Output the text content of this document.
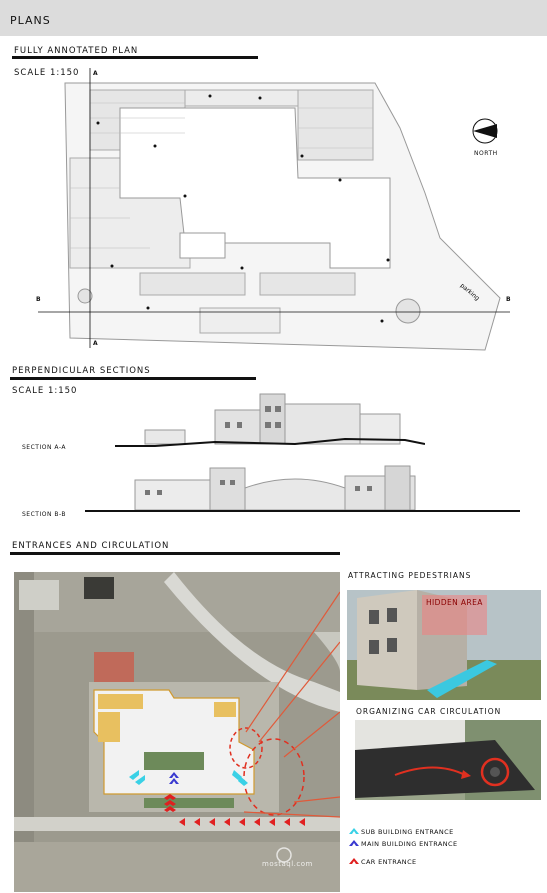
PLANS
FULLY ANNOTATED PLAN
SCALE 1:150
parking
A
A
B	B
NORTH
PERPENDICULAR SECTIONS
SCALE 1:150
SECTION A-A
SECTION B-B
ENTRANCES AND CIRCULATION
SUB BUILDING ENTRANCE
MAIN BUILDING ENTRANCE
CAR ENTRANCE
mostaql.com
ATTRACTING PEDESTRIANS
HIDDEN AREA
ORGANIZING CAR CIRCULATION
